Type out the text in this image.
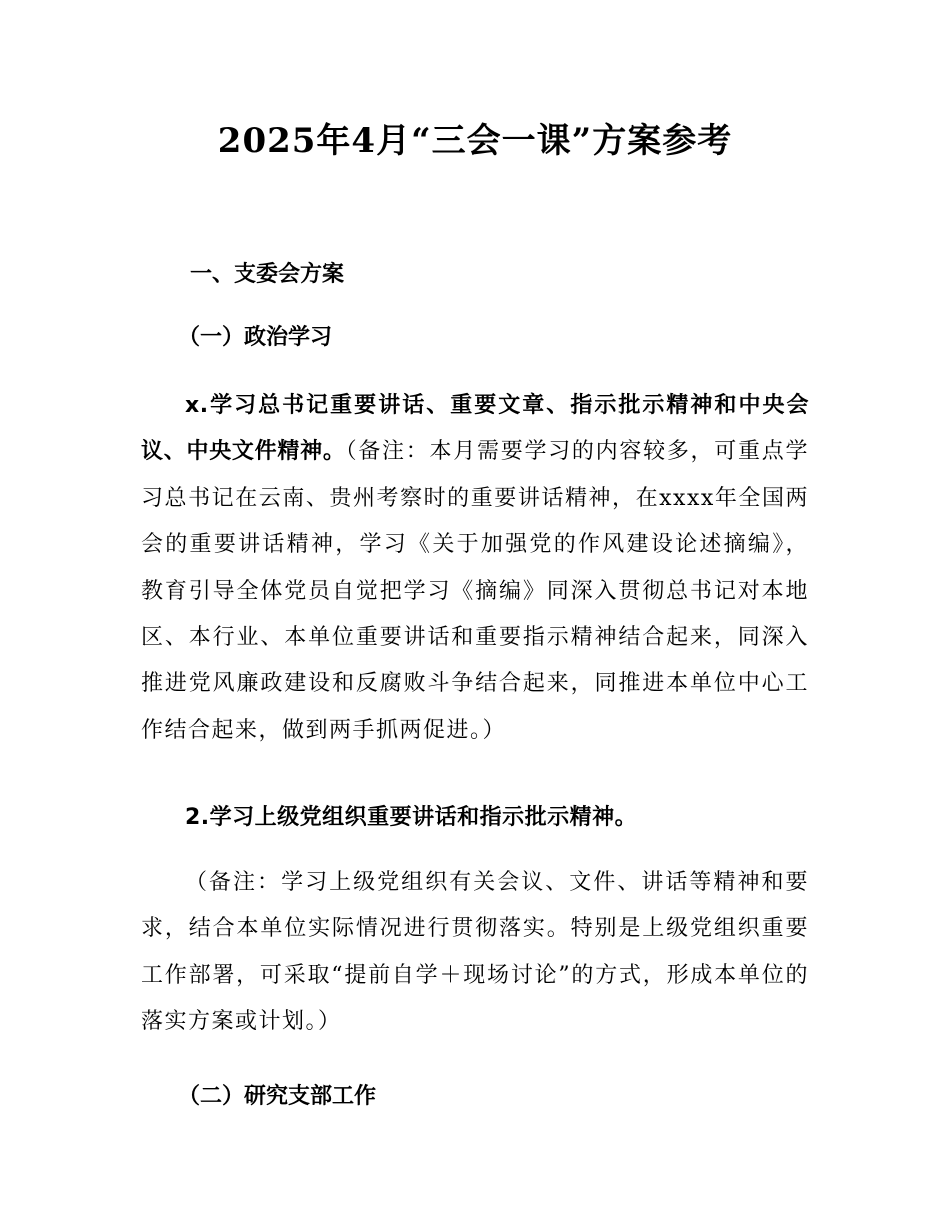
2025年4月“三会一课”方案参考
一、支委会方案
（一）政治学习
x.学习总书记重要讲话、重要文章、指示批示精神和中央会议、中央文件精神。（备注：本月需要学习的内容较多，可重点学习总书记在云南、贵州考察时的重要讲话精神，在xxxx年全国两会的重要讲话精神，学习《关于加强党的作风建设论述摘编》，教育引导全体党员自觉把学习《摘编》同深入贯彻总书记对本地区、本行业、本单位重要讲话和重要指示精神结合起来，同深入推进党风廉政建设和反腐败斗争结合起来，同推进本单位中心工作结合起来，做到两手抓两促进。）
2.学习上级党组织重要讲话和指示批示精神。
（备注：学习上级党组织有关会议、文件、讲话等精神和要求，结合本单位实际情况进行贯彻落实。特别是上级党组织重要工作部署，可采取“提前自学＋现场讨论”的方式，形成本单位的落实方案或计划。）
（二）研究支部工作
